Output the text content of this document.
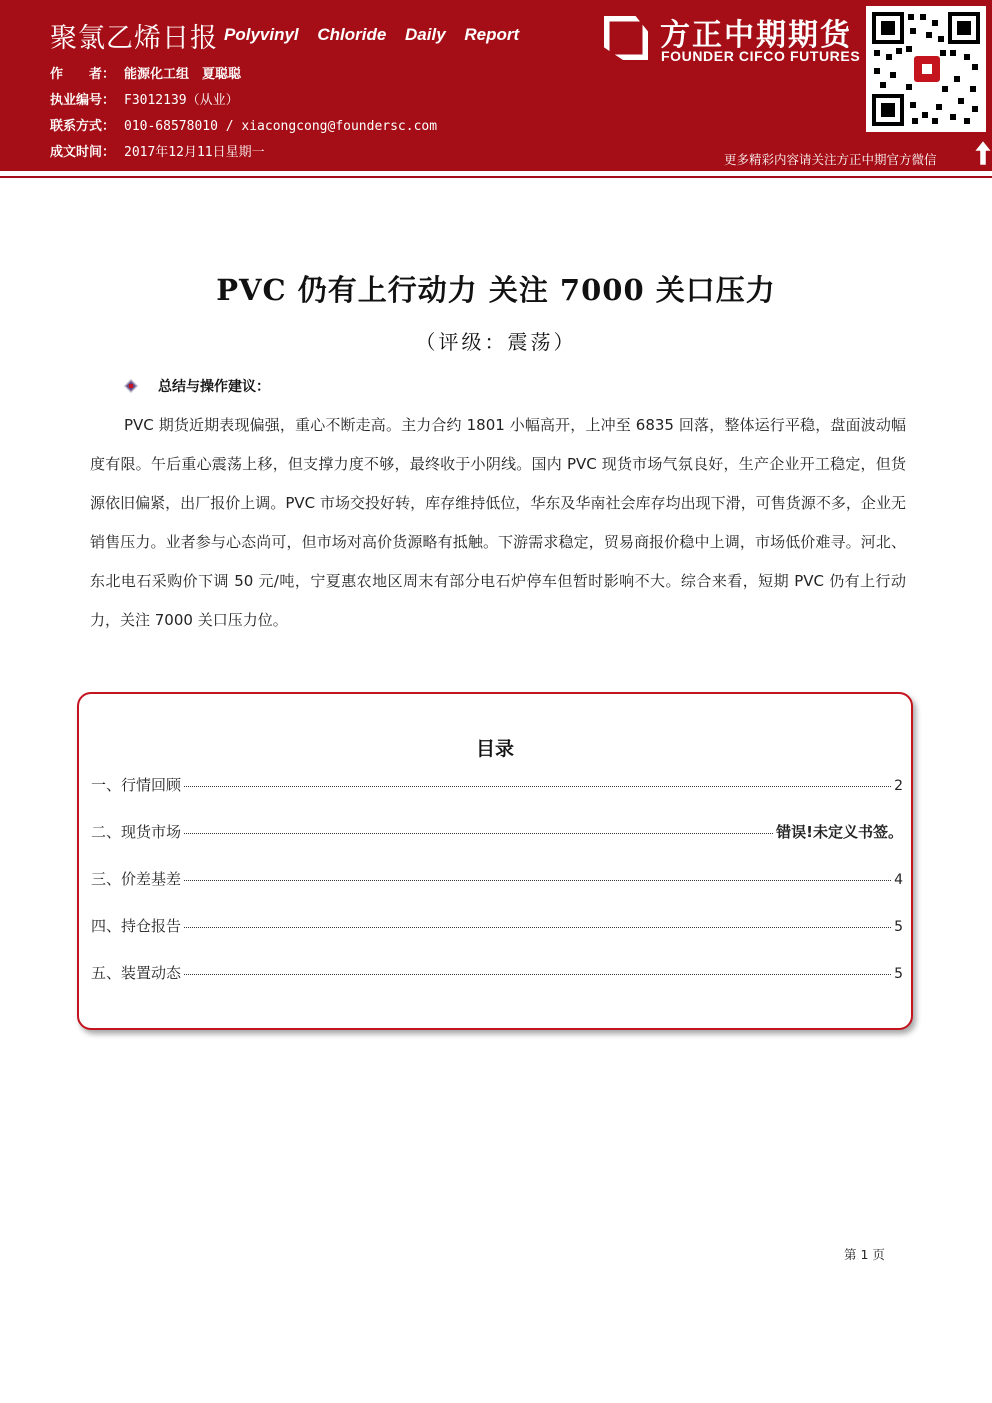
聚氯乙烯日报 Polyvinyl Chloride Daily Report
作　　者： 能源化工组　夏聪聪
执业编号： F3012139（从业）
联系方式： 010-68578010 / xiacongcong@foundersc.com
成文时间： 2017年12月11日星期一
方正中期期货
FOUNDER CIFCO FUTURES
更多精彩内容请关注方正中期官方微信
PVC 仍有上行动力 关注 7000 关口压力
（评级：震荡）
总结与操作建议：
PVC 期货近期表现偏强，重心不断走高。主力合约 1801 小幅高开，上冲至 6835 回落，整体运行平稳，盘面波动幅度有限。午后重心震荡上移，但支撑力度不够，最终收于小阴线。国内 PVC 现货市场气氛良好，生产企业开工稳定，但货源依旧偏紧，出厂报价上调。PVC 市场交投好转，库存维持低位，华东及华南社会库存均出现下滑，可售货源不多，企业无销售压力。业者参与心态尚可，但市场对高价货源略有抵触。下游需求稳定，贸易商报价稳中上调，市场低价难寻。河北、东北电石采购价下调 50 元/吨，宁夏惠农地区周末有部分电石炉停车但暂时影响不大。综合来看，短期 PVC 仍有上行动力，关注 7000 关口压力位。
目录
一、行情回顾	2
二、现货市场	错误!未定义书签。
三、价差基差	4
四、持仓报告	5
五、装置动态	5
第 1 页
